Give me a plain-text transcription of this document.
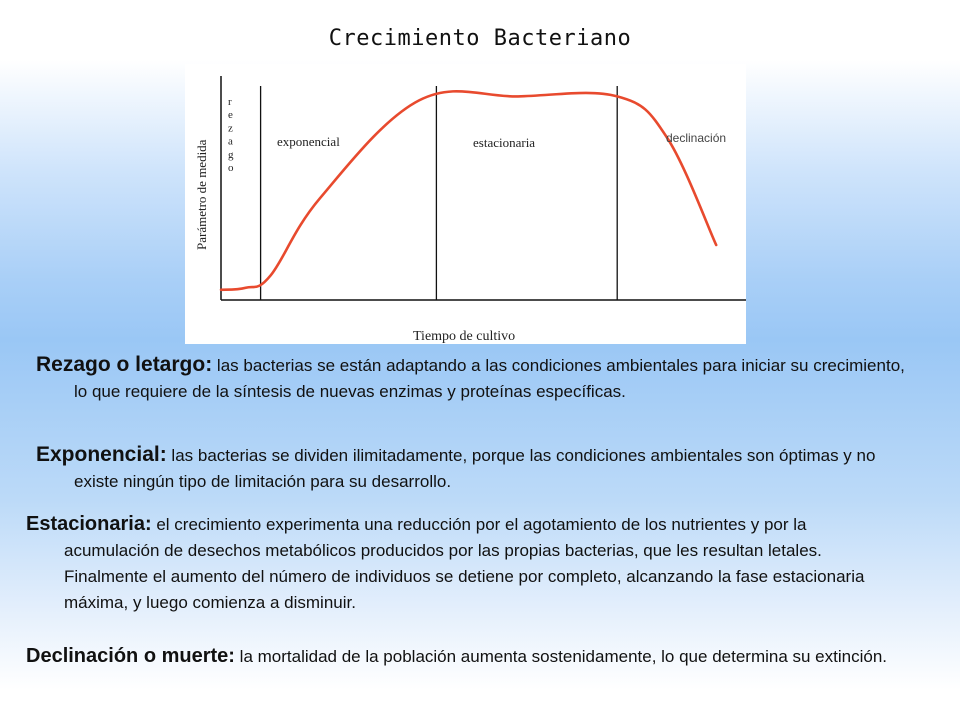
Crecimiento Bacteriano
Parámetro de medida
Tiempo de cultivo
r e z a g o
exponencial	estacionaria	declinación
Rezago o letargo: las bacterias se están adaptando a las condiciones ambientales para iniciar su crecimiento, lo que requiere de la síntesis de nuevas enzimas y proteínas específicas.
Exponencial: las bacterias se dividen ilimitadamente, porque las condiciones ambientales son óptimas y no existe ningún tipo de limitación para su desarrollo.
Estacionaria: el crecimiento experimenta una reducción por el agotamiento de los nutrientes y por la acumulación de desechos metabólicos producidos por las propias bacterias, que les resultan letales. Finalmente el aumento del número de individuos se detiene por completo, alcanzando la fase estacionaria máxima, y luego comienza a disminuir.
Declinación o muerte: la mortalidad de la población aumenta sostenidamente, lo que determina su extinción.
